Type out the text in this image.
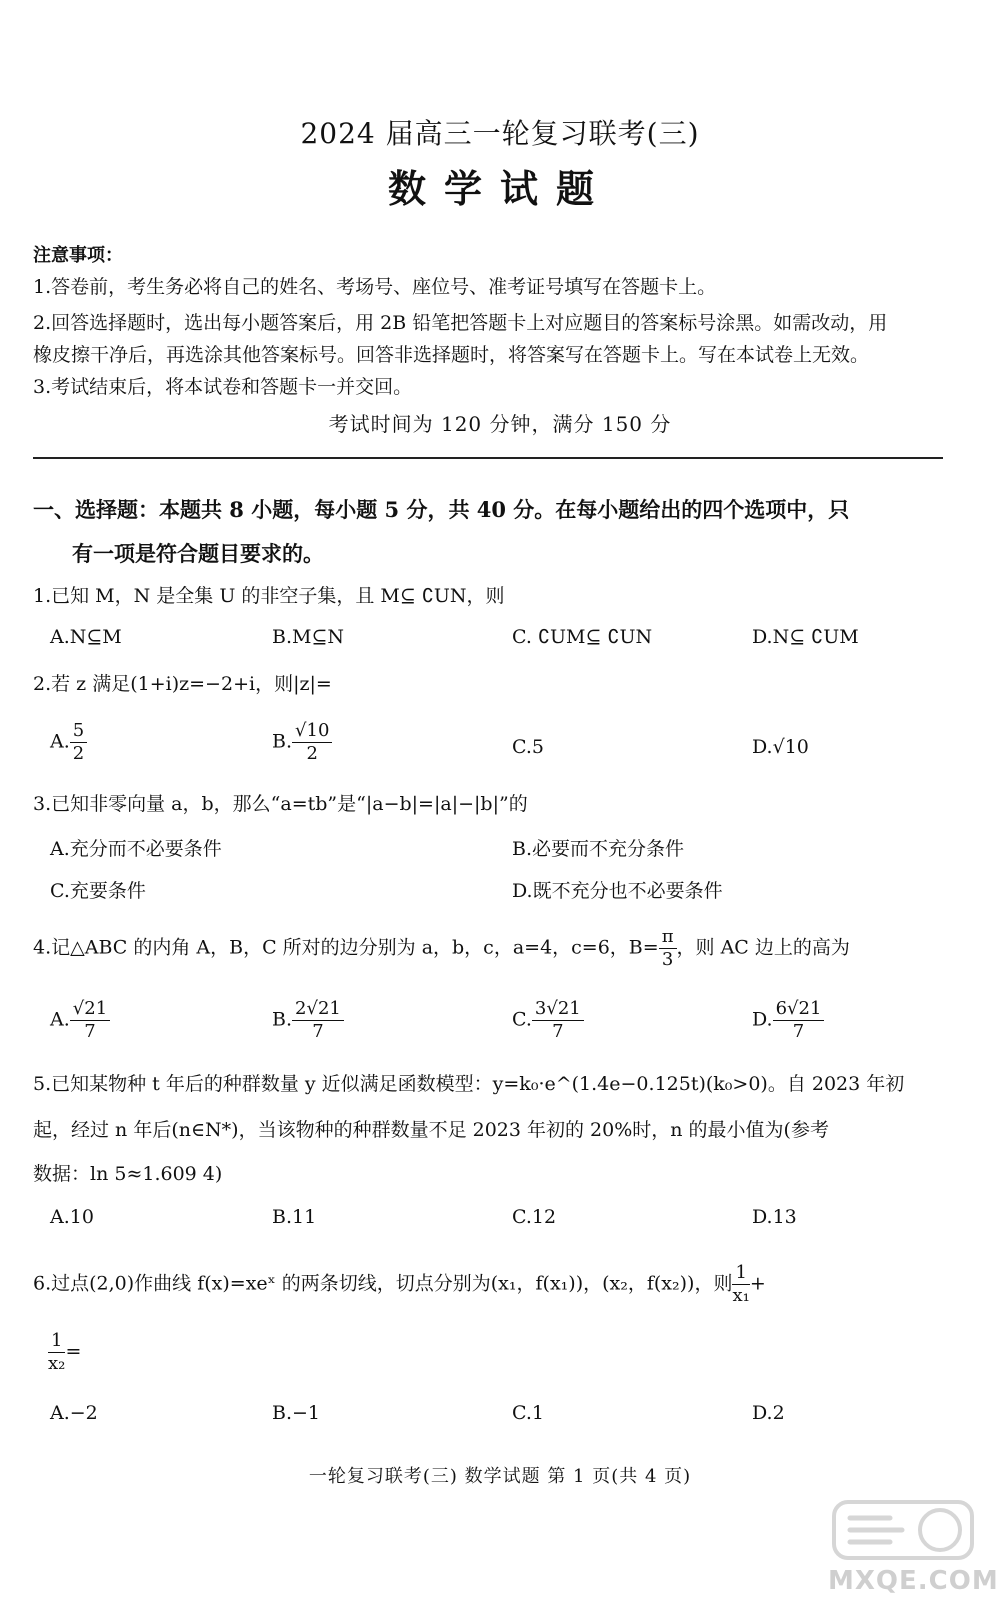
2024 届高三一轮复习联考(三)
数学试题
注意事项：
1.答卷前，考生务必将自己的姓名、考场号、座位号、准考证号填写在答题卡上。
2.回答选择题时，选出每小题答案后，用 2B 铅笔把答题卡上对应题目的答案标号涂黑。如需改动，用
橡皮擦干净后，再选涂其他答案标号。回答非选择题时，将答案写在答题卡上。写在本试卷上无效。
3.考试结束后，将本试卷和答题卡一并交回。
考试时间为 120 分钟，满分 150 分
一、选择题：本题共 8 小题，每小题 5 分，共 40 分。在每小题给出的四个选项中，只
有一项是符合题目要求的。
1.已知 M，N 是全集 U 的非空子集，且 M⊆ ∁UN，则
A.N⊆M	B.M⊆N	C. ∁UM⊆ ∁UN	D.N⊆ ∁UM
2.若 z 满足(1+i)z=−2+i，则|z|=
A. $\frac{5}{2}$	B. $\frac{√10}{2}$	C.5	D.√10
3.已知非零向量 a，b，那么“a=tb”是“|a−b|=|a|−|b|”的
A.充分而不必要条件	B.必要而不充分条件
C.充要条件	D.既不充分也不必要条件
4.记△ABC 的内角 A，B，C 所对的边分别为 a，b，c，a=4，c=6，$B= \frac{\pi}{3}$ ，则 AC 边上的高为
A. $\frac{√21}{7}$	B. $\frac{2√21}{7}$	C. $\frac{3√21}{7}$	D. $\frac{6√21}{7}$
5.已知某物种 t 年后的种群数量 y 近似满足函数模型：y=k₀·e^(1.4e−0.125t)(k₀>0)。自 2023 年初
起，经过 n 年后(n∈N*)，当该物种的种群数量不足 2023 年初的 20%时，n 的最小值为(参考
数据：ln 5≈1.609 4)
A.10	B.11	C.12	D.13
6.过点(2,0)作曲线 f(x)=xeˣ 的两条切线，切点分别为(x₁，f(x₁))，(x₂，f(x₂))，则 $\frac{1}{\text{x₁}}$ +
$\frac{1}{\text{x₂}}$ =
A.−2	B.−1	C.1	D.2
一轮复习联考(三) 数学试题 第 1 页(共 4 页)
MXQE.COM
